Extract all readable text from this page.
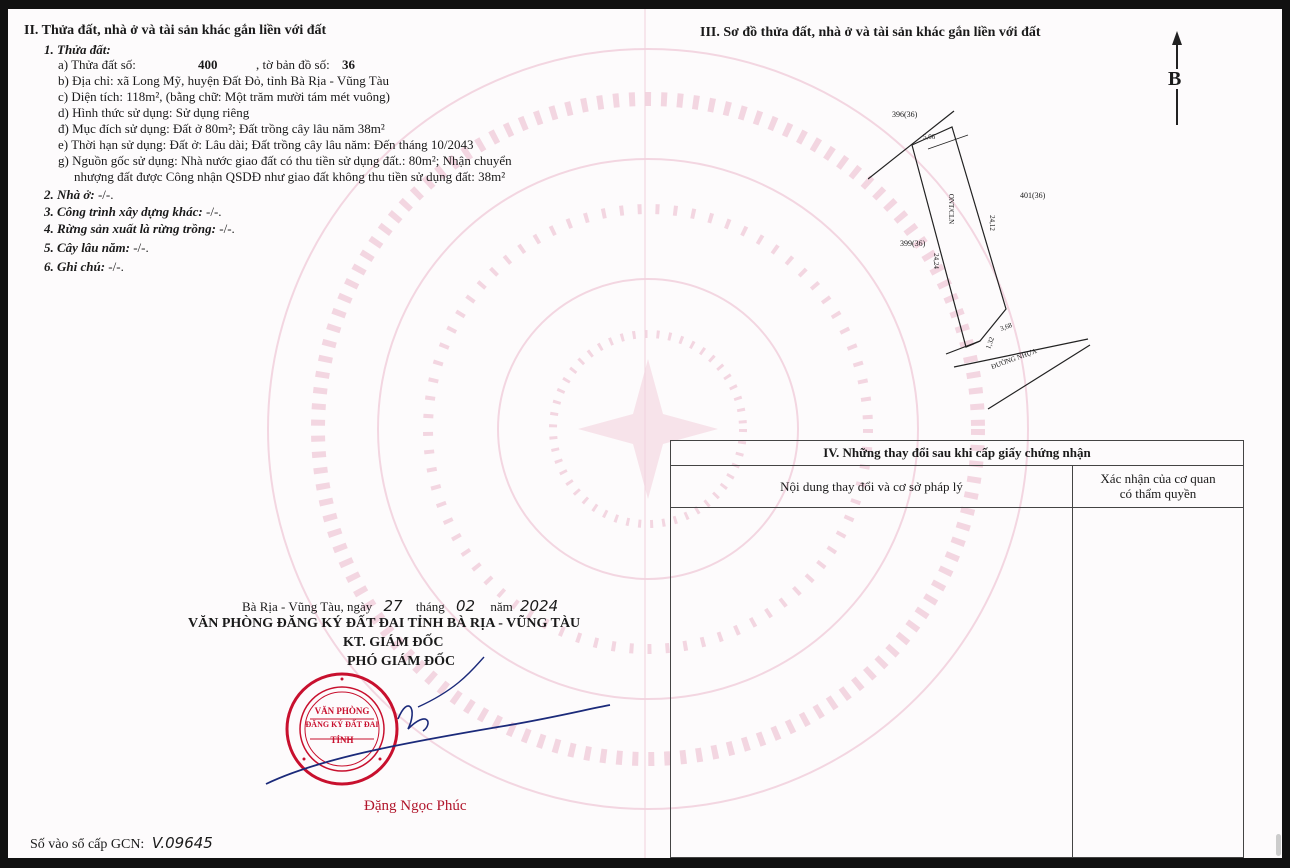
II. Thửa đất, nhà ở và tài sản khác gắn liền với đất
1. Thửa đất:
a) Thửa đất số:	400	, tờ bản đồ số: 36
b) Địa chỉ: xã Long Mỹ, huyện Đất Đỏ, tỉnh Bà Rịa - Vũng Tàu
c) Diện tích: 118m², (bằng chữ: Một trăm mười tám mét vuông)
d) Hình thức sử dụng: Sử dụng riêng
đ) Mục đích sử dụng: Đất ở 80m²; Đất trồng cây lâu năm 38m²
e) Thời hạn sử dụng: Đất ở: Lâu dài; Đất trồng cây lâu năm: Đến tháng 10/2043
g) Nguồn gốc sử dụng: Nhà nước giao đất có thu tiền sử dụng đất.: 80m²; Nhận chuyển
nhượng đất được Công nhận QSDĐ như giao đất không thu tiền sử dụng đất: 38m²
2. Nhà ở: -/-.
3. Công trình xây dựng khác: -/-.
4. Rừng sản xuất là rừng trồng: -/-.
5. Cây lâu năm: -/-.
6. Ghi chú: -/-.
III. Sơ đồ thửa đất, nhà ở và tài sản khác gắn liền với đất
B
396(36)
5,06
401(36)
399(36)
ONT/CLN	24,12
24,24
1,32
3,68
ĐƯỜNG NHỰA
IV. Những thay đổi sau khi cấp giấy chứng nhận
Nội dung thay đổi và cơ sở pháp lý
Xác nhận của cơ quan
có thẩm quyền
Bà Rịa - Vũng Tàu, ngày 27 tháng 02 năm 2024
VĂN PHÒNG ĐĂNG KÝ ĐẤT ĐAI TỈNH BÀ RỊA - VŨNG TÀU
KT. GIÁM ĐỐC
PHÓ GIÁM ĐỐC
VĂN PHÒNG
ĐĂNG KÝ ĐẤT ĐAI
TỈNH
Đặng Ngọc Phúc
Số vào sổ cấp GCN: V.09645
